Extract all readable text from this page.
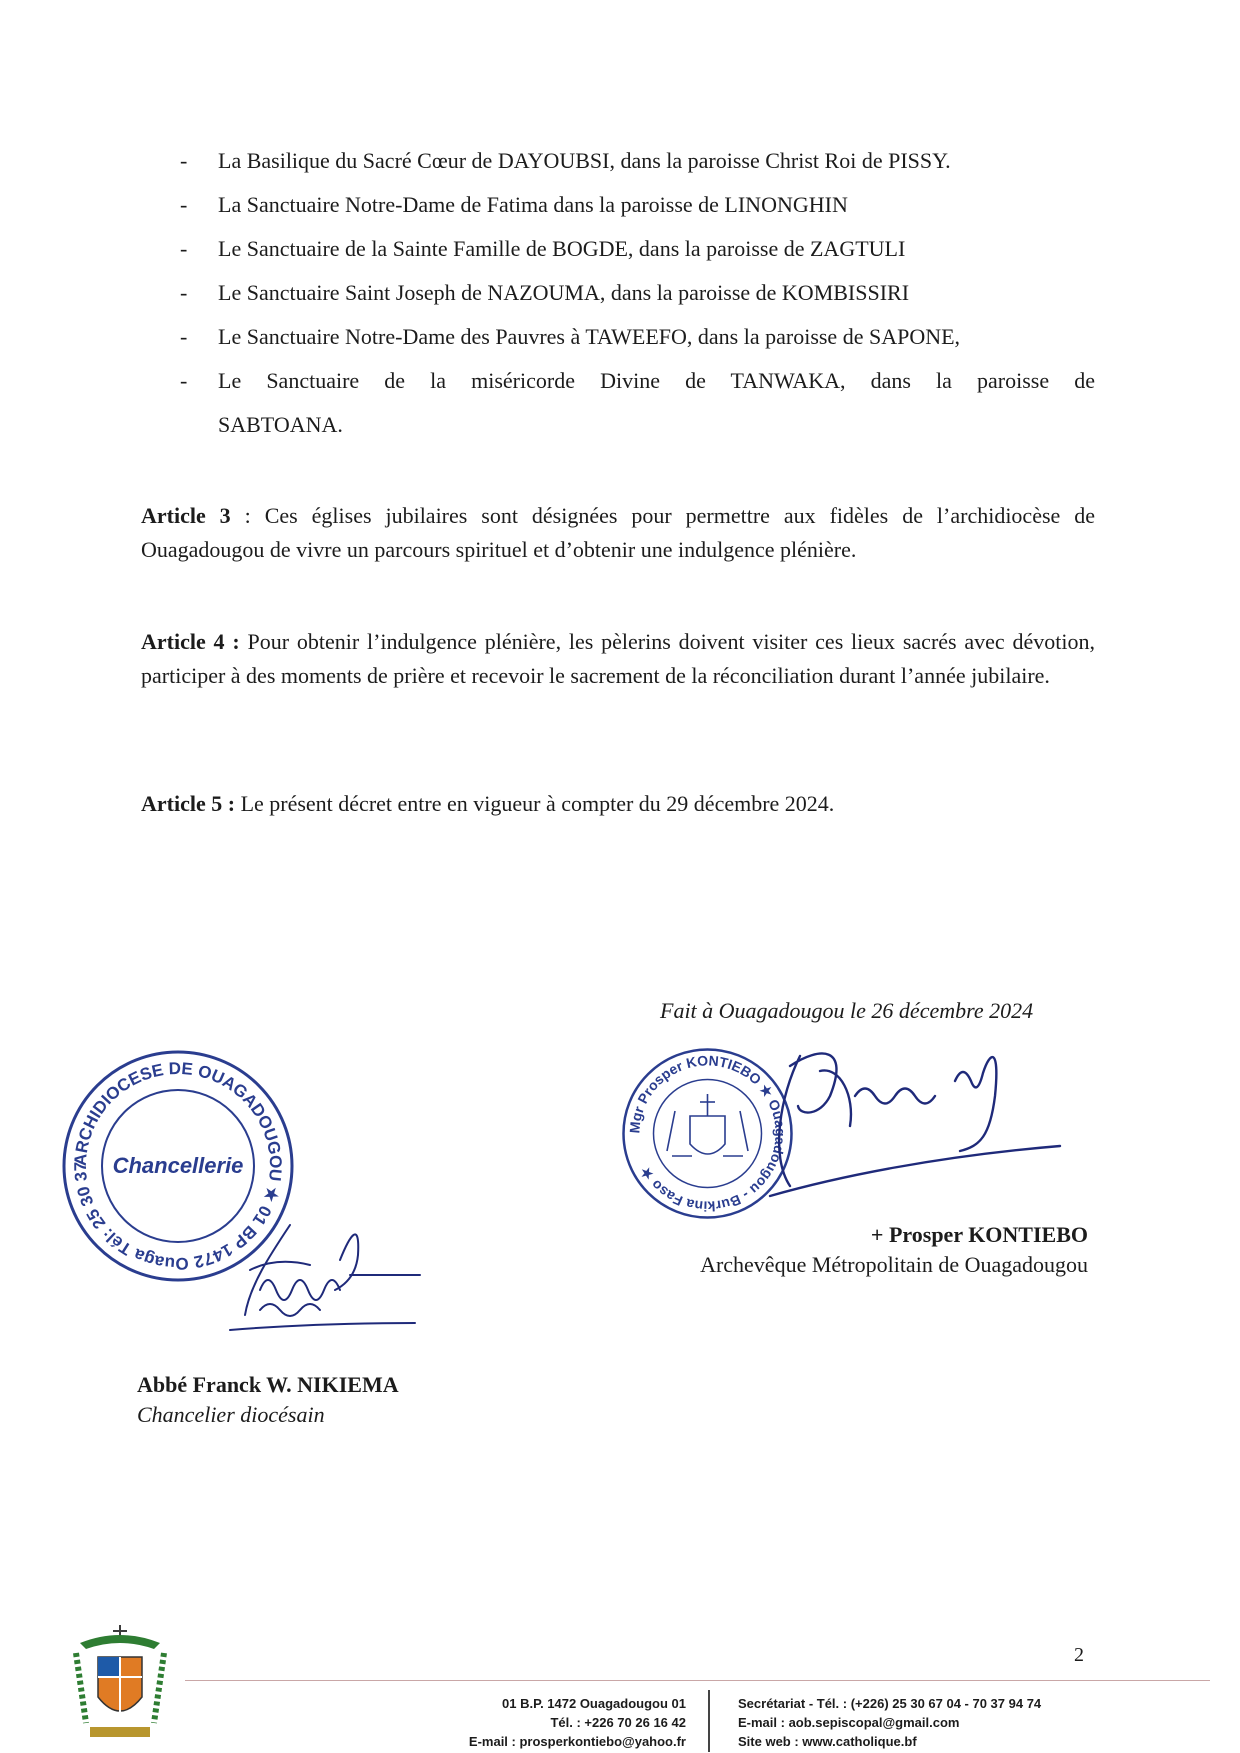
- La Basilique du Sacré Cœur de DAYOUBSI, dans la paroisse Christ Roi de PISSY.
- La Sanctuaire Notre-Dame de Fatima dans la paroisse de LINONGHIN
- Le Sanctuaire de la Sainte Famille de BOGDE, dans la paroisse de ZAGTULI
- Le Sanctuaire Saint Joseph de NAZOUMA, dans la paroisse de KOMBISSIRI
- Le Sanctuaire Notre-Dame des Pauvres à TAWEEFO, dans la paroisse de SAPONE,
- Le Sanctuaire de la miséricorde Divine de TANWAKA, dans la paroisse de
SABTOANA.
Article 3 : Ces églises jubilaires sont désignées pour permettre aux fidèles de l’archidiocèse de Ouagadougou de vivre un parcours spirituel et d’obtenir une indulgence plénière.
Article 4 : Pour obtenir l’indulgence plénière, les pèlerins doivent visiter ces lieux sacrés avec dévotion, participer à des moments de prière et recevoir le sacrement de la réconciliation durant l’année jubilaire.
Article 5 : Le présent décret entre en vigueur à compter du 29 décembre 2024.
Fait à Ouagadougou le 26 décembre 2024
Mgr Prosper KONTIEBO ★ Ouagadougou - Burkina Faso ★
+ Prosper KONTIEBO
Archevêque Métropolitain de Ouagadougou
ARCHIDIOCESE DE OUAGADOUGOU ★ 01 BP 1472 Ouaga Tél: 25 30 37 04 - BF ★
Chancellerie
Abbé Franck W. NIKIEMA
Chancelier diocésain
2
01 B.P. 1472 Ouagadougou 01
Tél. : +226 70 26 16 42
E-mail : prosperkontiebo@yahoo.fr
Secrétariat - Tél. : (+226) 25 30 67 04 - 70 37 94 74
E-mail : aob.sepiscopal@gmail.com
Site web : www.catholique.bf
